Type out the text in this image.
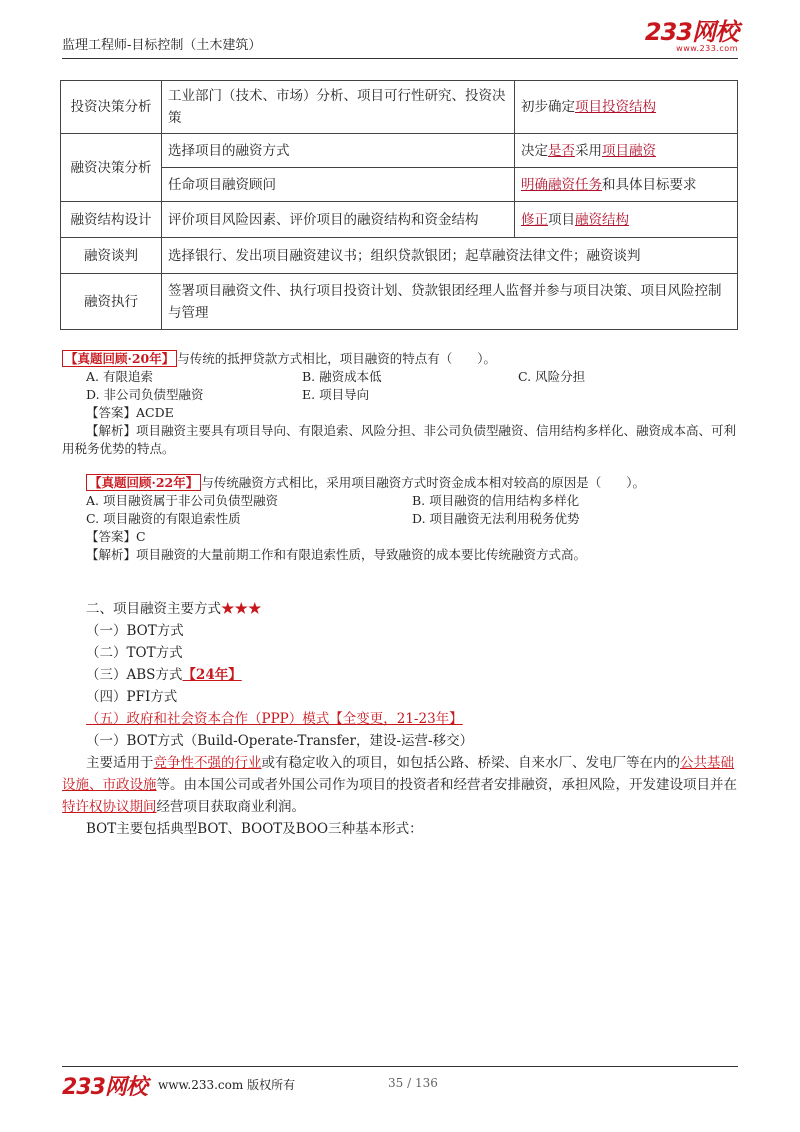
监理工程师-目标控制（土木建筑）	233网校
www.233.com
投资决策分析	工业部门（技术、市场）分析、项目可行性研究、投资决策	初步确定项目投资结构
融资决策分析	选择项目的融资方式	决定是否采用项目融资
	任命项目融资顾问	明确融资任务和具体目标要求
融资结构设计	评价项目风险因素、评价项目的融资结构和资金结构	修正项目融资结构
融资谈判	选择银行、发出项目融资建议书；组织贷款银团；起草融资法律文件；融资谈判	
融资执行	签署项目融资文件、执行项目投资计划、贷款银团经理人监督并参与项目决策、项目风险控制与管理	

【真题回顾·20年】 与传统的抵押贷款方式相比，项目融资的特点有（　　）。

A. 有限追索	B. 融资成本低	C. 风险分担

D. 非公司负债型融资	E. 项目导向

【答案】ACDE

【解析】项目融资主要具有项目导向、有限追索、风险分担、非公司负债型融资、信用结构多样化、融资成本高、可利用税务优势的特点。

【真题回顾·22年】 与传统融资方式相比，采用项目融资方式时资金成本相对较高的原因是（　　）。

A. 项目融资属于非公司负债型融资	B. 项目融资的信用结构多样化

C. 项目融资的有限追索性质	D. 项目融资无法利用税务优势

【答案】C

【解析】项目融资的大量前期工作和有限追索性质，导致融资的成本要比传统融资方式高。

二、项目融资主要方式★★★

（一）BOT方式

（二）TOT方式

（三）ABS方式【24年】

（四）PFI方式

（五）政府和社会资本合作（PPP）模式【全变更，21-23年】

（一）BOT方式（Build-Operate-Transfer，建设-运营-移交）

主要适用于竞争性不强的行业或有稳定收入的项目，如包括公路、桥梁、自来水厂、发电厂等在内的公共基础设施、市政设施等。由本国公司或者外国公司作为项目的投资者和经营者安排融资，承担风险，开发建设项目并在特许权协议期间经营项目获取商业利润。

BOT主要包括典型BOT、BOOT及BOO三种基本形式：

233网校 www.233.com 版权所有	35 / 136
